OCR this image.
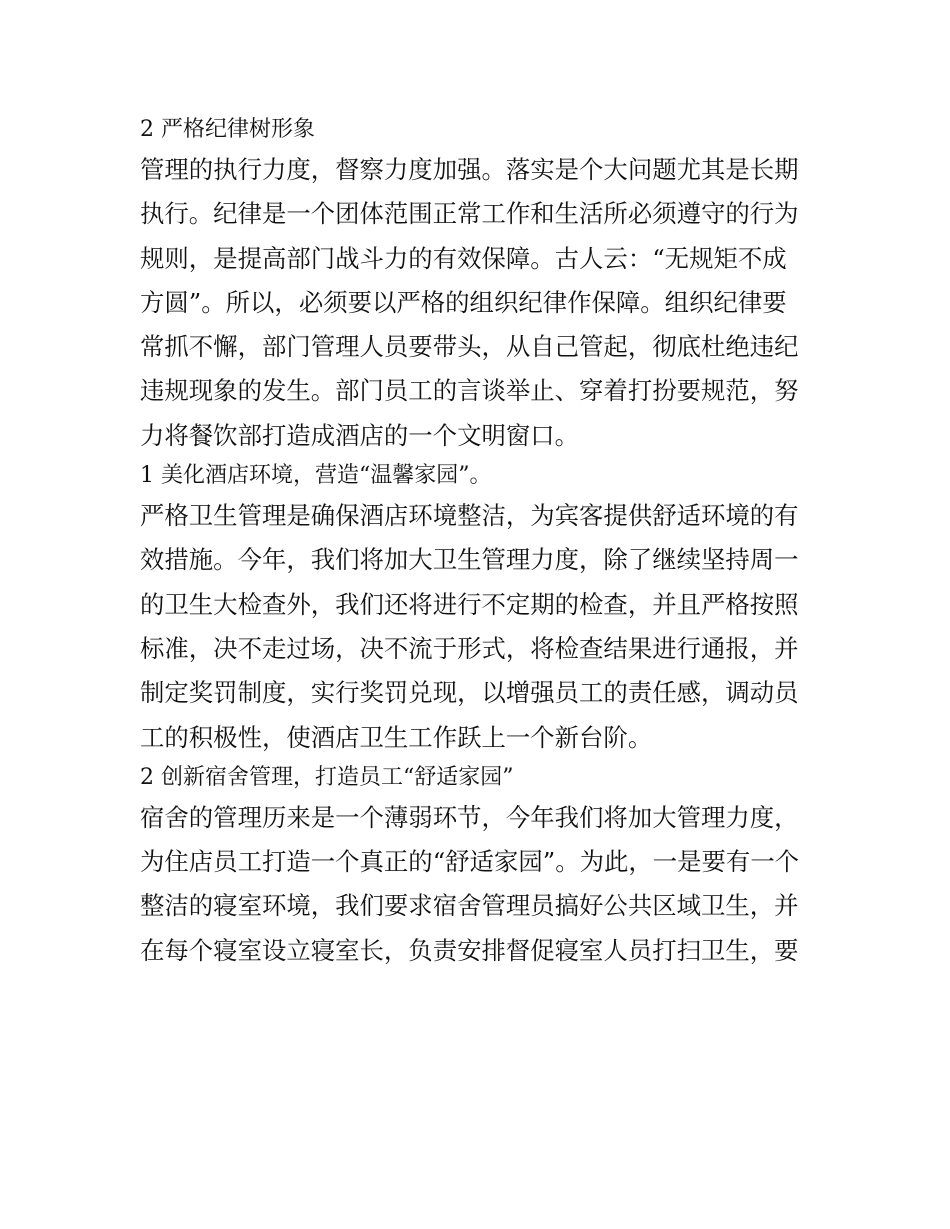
2 严格纪律树形象
管理的执行力度，督察力度加强。落实是个大问题尤其是长期
执行。纪律是一个团体范围正常工作和生活所必须遵守的行为
规则，是提高部门战斗力的有效保障。古人云：“无规矩不成
方圆”。所以，必须要以严格的组织纪律作保障。组织纪律要
常抓不懈，部门管理人员要带头，从自己管起，彻底杜绝违纪
违规现象的发生。部门员工的言谈举止、穿着打扮要规范，努
力将餐饮部打造成酒店的一个文明窗口。
1 美化酒店环境，营造“温馨家园”。
严格卫生管理是确保酒店环境整洁，为宾客提供舒适环境的有
效措施。今年，我们将加大卫生管理力度，除了继续坚持周一
的卫生大检查外，我们还将进行不定期的检查，并且严格按照
标准，决不走过场，决不流于形式，将检查结果进行通报，并
制定奖罚制度，实行奖罚兑现，以增强员工的责任感，调动员
工的积极性，使酒店卫生工作跃上一个新台阶。
2 创新宿舍管理，打造员工“舒适家园”
宿舍的管理历来是一个薄弱环节，今年我们将加大管理力度，
为住店员工打造一个真正的“舒适家园”。为此，一是要有一个
整洁的寝室环境，我们要求宿舍管理员搞好公共区域卫生，并
在每个寝室设立寝室长，负责安排督促寝室人员打扫卫生，要
